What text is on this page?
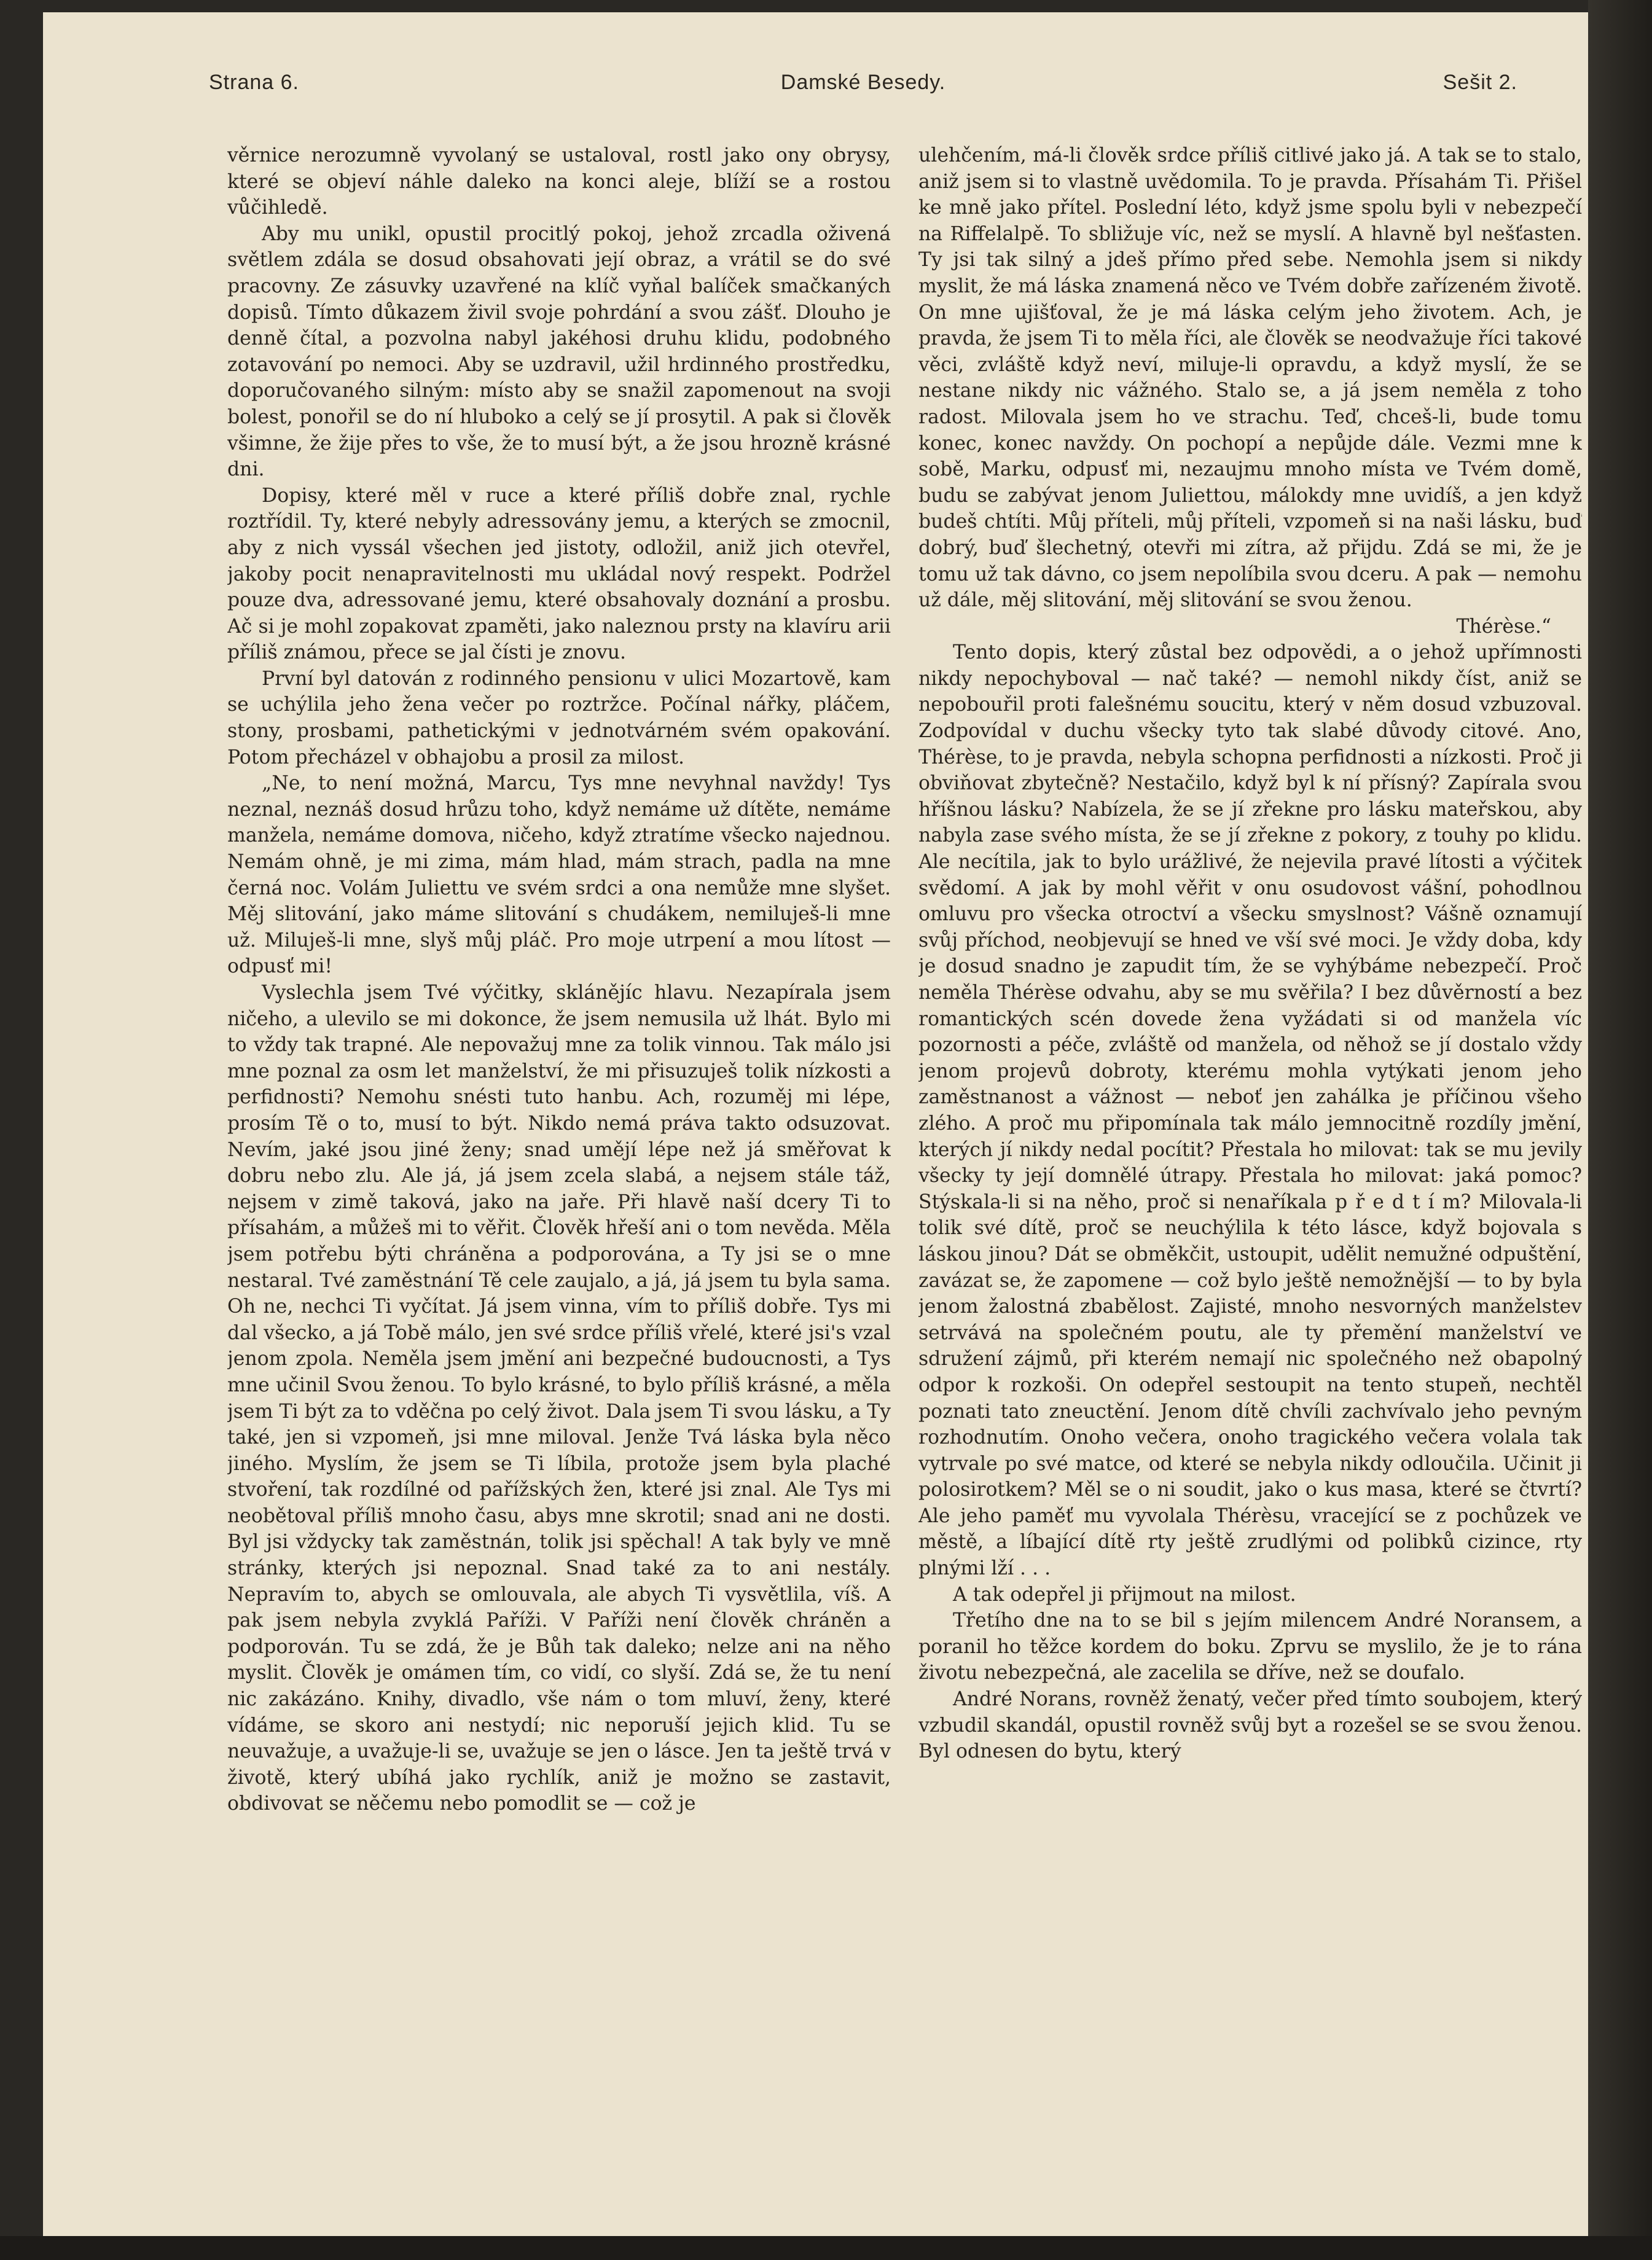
Strana 6.	Damské Besedy.	Sešit 2.

věrnice nerozumně vyvolaný se ustaloval, rostl jako ony obrysy, které se objeví náhle daleko na konci aleje, blíží se a rostou vůčihledě.

Aby mu unikl, opustil procitlý pokoj, jehož zrcadla oživená světlem zdála se dosud obsahovati její obraz, a vrátil se do své pracovny. Ze zásuvky uzavřené na klíč vyňal balíček smačkaných dopisů. Tímto důkazem živil svoje pohrdání a svou zášť. Dlouho je denně čítal, a pozvolna nabyl jakéhosi druhu klidu, podobného zotavování po nemoci. Aby se uzdravil, užil hrdinného prostředku, doporučovaného silným: místo aby se snažil zapomenout na svoji bolest, ponořil se do ní hluboko a celý se jí prosytil. A pak si člověk všimne, že žije přes to vše, že to musí být, a že jsou hrozně krásné dni.

Dopisy, které měl v ruce a které příliš dobře znal, rychle roztřídil. Ty, které nebyly adressovány jemu, a kterých se zmocnil, aby z nich vyssál všechen jed jistoty, odložil, aniž jich otevřel, jakoby pocit nenapravitelnosti mu ukládal nový respekt. Podržel pouze dva, adressované jemu, které obsahovaly doznání a prosbu. Ač si je mohl zopakovat zpaměti, jako naleznou prsty na klavíru arii příliš známou, přece se jal čísti je znovu.

První byl datován z rodinného pensionu v ulici Mozartově, kam se uchýlila jeho žena večer po roztržce. Počínal nářky, pláčem, stony, prosbami, pathetickými v jednotvárném svém opakování. Potom přecházel v obhajobu a prosil za milost.

„Ne, to není možná, Marcu, Tys mne nevyhnal navždy! Tys neznal, neznáš dosud hrůzu toho, když nemáme už dítěte, nemáme manžela, nemáme domova, ničeho, když ztratíme všecko najednou. Nemám ohně, je mi zima, mám hlad, mám strach, padla na mne černá noc. Volám Juliettu ve svém srdci a ona nemůže mne slyšet. Měj slitování, jako máme slitování s chudákem, nemiluješ-li mne už. Miluješ-li mne, slyš můj pláč. Pro moje utrpení a mou lítost — odpusť mi!

Vyslechla jsem Tvé výčitky, sklánějíc hlavu. Nezapírala jsem ničeho, a ulevilo se mi dokonce, že jsem nemusila už lhát. Bylo mi to vždy tak trapné. Ale nepovažuj mne za tolik vinnou. Tak málo jsi mne poznal za osm let manželství, že mi přisuzuješ tolik nízkosti a perfidnosti? Nemohu snésti tuto hanbu. Ach, rozuměj mi lépe, prosím Tě o to, musí to být. Nikdo nemá práva takto odsuzovat. Nevím, jaké jsou jiné ženy; snad umějí lépe než já směřovat k dobru nebo zlu. Ale já, já jsem zcela slabá, a nejsem stále táž, nejsem v zimě taková, jako na jaře. Při hlavě naší dcery Ti to přísahám, a můžeš mi to věřit. Člověk hřeší ani o tom nevěda. Měla jsem potřebu býti chráněna a podporována, a Ty jsi se o mne nestaral. Tvé zaměstnání Tě cele zaujalo, a já, já jsem tu byla sama. Oh ne, nechci Ti vyčítat. Já jsem vinna, vím to příliš dobře. Tys mi dal všecko, a já Tobě málo, jen své srdce příliš vřelé, které jsi's vzal jenom zpola. Neměla jsem jmění ani bezpečné budoucnosti, a Tys mne učinil Svou ženou. To bylo krásné, to bylo příliš krásné, a měla jsem Ti být za to vděčna po celý život. Dala jsem Ti svou lásku, a Ty také, jen si vzpomeň, jsi mne miloval. Jenže Tvá láska byla něco jiného. Myslím, že jsem se Ti líbila, protože jsem byla plaché stvoření, tak rozdílné od pařížských žen, které jsi znal. Ale Tys mi neobětoval příliš mnoho času, abys mne skrotil; snad ani ne dosti. Byl jsi vždycky tak zaměstnán, tolik jsi spěchal! A tak byly ve mně stránky, kterých jsi nepoznal. Snad také za to ani nestály. Nepravím to, abych se omlouvala, ale abych Ti vysvětlila, víš. A pak jsem nebyla zvyklá Paříži. V Paříži není člověk chráněn a podporován. Tu se zdá, že je Bůh tak daleko; nelze ani na něho myslit. Člověk je omámen tím, co vidí, co slyší. Zdá se, že tu není nic zakázáno. Knihy, divadlo, vše nám o tom mluví, ženy, které vídáme, se skoro ani nestydí; nic neporuší jejich klid. Tu se neuvažuje, a uvažuje-li se, uvažuje se jen o lásce. Jen ta ještě trvá v životě, který ubíhá jako rychlík, aniž je možno se zastavit, obdivovat se něčemu nebo pomodlit se — což je

ulehčením, má-li člověk srdce příliš citlivé jako já. A tak se to stalo, aniž jsem si to vlastně uvědomila. To je pravda. Přísahám Ti. Přišel ke mně jako přítel. Poslední léto, když jsme spolu byli v nebezpečí na Riffelalpě. To sbližuje víc, než se myslí. A hlavně byl nešťasten. Ty jsi tak silný a jdeš přímo před sebe. Nemohla jsem si nikdy myslit, že má láska znamená něco ve Tvém dobře zařízeném životě. On mne ujišťoval, že je má láska celým jeho životem. Ach, je pravda, že jsem Ti to měla říci, ale člověk se neodvažuje říci takové věci, zvláště když neví, miluje-li opravdu, a když myslí, že se nestane nikdy nic vážného. Stalo se, a já jsem neměla z toho radost. Milovala jsem ho ve strachu. Teď, chceš-li, bude tomu konec, konec navždy. On pochopí a nepůjde dále. Vezmi mne k sobě, Marku, odpusť mi, nezaujmu mnoho místa ve Tvém domě, budu se zabývat jenom Juliettou, málokdy mne uvidíš, a jen když budeš chtíti. Můj příteli, můj příteli, vzpomeň si na naši lásku, buď dobrý, buď šlechetný, otevři mi zítra, až přijdu. Zdá se mi, že je tomu už tak dávno, co jsem nepolíbila svou dceru. A pak — nemohu už dále, měj slitování, měj slitování se svou ženou.

Thérèse.“

Tento dopis, který zůstal bez odpovědi, a o jehož upřímnosti nikdy nepochyboval — nač také? — nemohl nikdy číst, aniž se nepobouřil proti falešnému soucitu, který v něm dosud vzbuzoval. Zodpovídal v duchu všecky tyto tak slabé důvody citové. Ano, Thérèse, to je pravda, nebyla schopna perfidnosti a nízkosti. Proč ji obviňovat zbytečně? Nestačilo, když byl k ní přísný? Zapírala svou hříšnou lásku? Nabízela, že se jí zřekne pro lásku mateřskou, aby nabyla zase svého místa, že se jí zřekne z pokory, z touhy po klidu. Ale necítila, jak to bylo urážlivé, že nejevila pravé lítosti a výčitek svědomí. A jak by mohl věřit v onu osudovost vášní, pohodlnou omluvu pro všecka otroctví a všecku smyslnost? Vášně oznamují svůj příchod, neobjevují se hned ve vší své moci. Je vždy doba, kdy je dosud snadno je zapudit tím, že se vyhýbáme nebezpečí. Proč neměla Thérèse odvahu, aby se mu svěřila? I bez důvěrností a bez romantických scén dovede žena vyžádati si od manžela víc pozornosti a péče, zvláště od manžela, od něhož se jí dostalo vždy jenom projevů dobroty, kterému mohla vytýkati jenom jeho zaměstnanost a vážnost — neboť jen zahálka je příčinou všeho zlého. A proč mu připomínala tak málo jemnocitně rozdíly jmění, kterých jí nikdy nedal pocítit? Přestala ho milovat: tak se mu jevily všecky ty její domnělé útrapy. Přestala ho milovat: jaká pomoc? Stýskala-li si na něho, proč si nenaříkala p ř e d t í m? Milovala-li tolik své dítě, proč se neuchýlila k této lásce, když bojovala s láskou jinou? Dát se obměkčit, ustoupit, udělit nemužné odpuštění, zavázat se, že zapomene — což bylo ještě nemožnější — to by byla jenom žalostná zbabělost. Zajisté, mnoho nesvorných manželstev setrvává na společném poutu, ale ty přemění manželství ve sdružení zájmů, při kterém nemají nic společného než obapolný odpor k rozkoši. On odepřel sestoupit na tento stupeň, nechtěl poznati tato zneuctění. Jenom dítě chvíli zachvívalo jeho pevným rozhodnutím. Onoho večera, onoho tragického večera volala tak vytrvale po své matce, od které se nebyla nikdy odloučila. Učinit ji polosirotkem? Měl se o ni soudit, jako o kus masa, které se čtvrtí? Ale jeho paměť mu vyvolala Thérèsu, vracející se z pochůzek ve městě, a líbající dítě rty ještě zrudlými od polibků cizince, rty plnými lží . . .

A tak odepřel ji přijmout na milost.

Třetího dne na to se bil s jejím milencem André Noransem, a poranil ho těžce kordem do boku. Zprvu se myslilo, že je to rána životu nebezpečná, ale zacelila se dříve, než se doufalo.

André Norans, rovněž ženatý, večer před tímto soubojem, který vzbudil skandál, opustil rovněž svůj byt a rozešel se se svou ženou. Byl odnesen do bytu, který
